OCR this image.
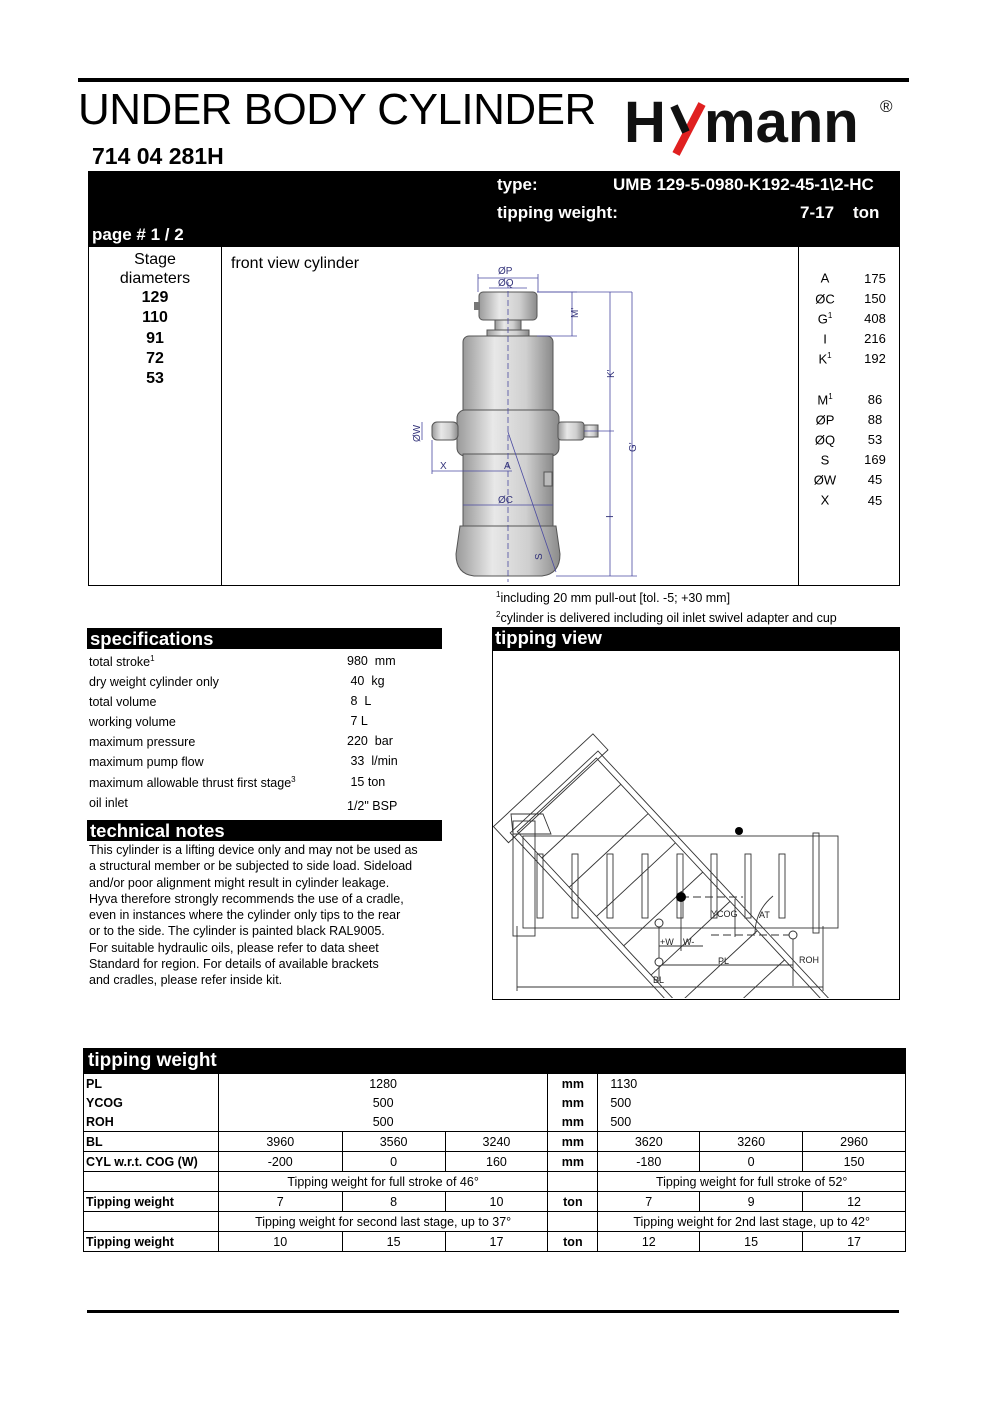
UNDER BODY CYLINDER
714 04 281H
H mann ®
type:	UMB 129-5-0980-K192-45-1\2-HC
tipping weight:	7-17 ton
page # 1 / 2
Stage
diameters
129
110
91
72
53
front view cylinder	ØP
ØQ
M'
K'
G'
ØW
X	A
ØC
I
S
A	175
ØC	150
$G^1$	408
I	216
$K^1$	192

$M^1$	86
ØP	88
ØQ	53
S	169
ØW	45
X	45
$^1$including 20 mm pull-out [tol. -5; +30 mm]
$^2$cylinder is delivered including oil inlet swivel adapter and cup
specifications
total stroke$^1$	980  mm
dry weight cylinder only	40  kg
total volume	8  L
working volume	7 L
maximum pressure	220  bar
maximum pump flow	33  l/min
maximum allowable thrust first stage$^3$	15 ton
oil inlet	1/2" BSP
technical notes
This cylinder is a lifting device only and may not be used as
a structural member or be subjected to side load. Sideload
and/or poor alignment might result in cylinder leakage.
Hyva therefore strongly recommends the use of a cradle,
even in instances where the cylinder only tips to the rear
or to the side. The cylinder is painted black RAL9005.
For suitable hydraulic oils, please refer to data sheet
Standard for region. For details of available brackets
and cradles, please refer inside kit.
tipping view
YCOG AT
+W W-
PL	ROH
BL
tipping weight							
PL	1280			mm	1130		
YCOG	500			mm	500		
ROH	500			mm	500		
BL	3960	3560	3240	mm	3620	3260	2960
CYL w.r.t. COG (W)	-200	0	160	mm	-180	0	150
	Tipping weight for full stroke of 46°				Tipping weight for full stroke of 52°		
Tipping weight	7	8	10	ton	7	9	12
	Tipping weight for second last stage, up to 37°				Tipping weight for 2nd last stage, up to 42°		
Tipping weight	10	15	17	ton	12	15	17
